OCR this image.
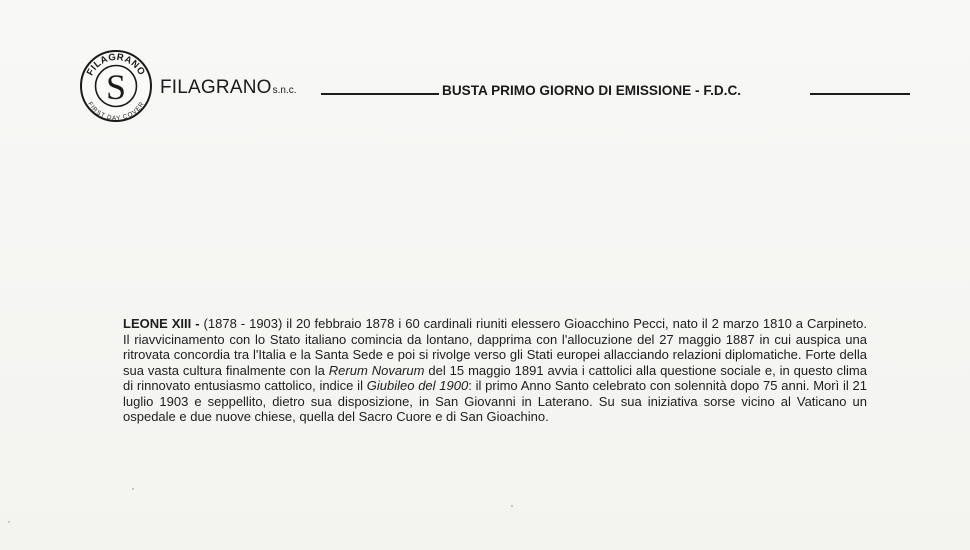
FILAGRANO
FIRST DAY COVER
S FILAGRANO s.n.c.	BUSTA PRIMO GIORNO DI EMISSIONE - F.D.C.

LEONE XIII - (1878 - 1903) il 20 febbraio 1878 i 60 cardinali riuniti elessero Gioacchino Pecci, nato il 2 marzo 1810 a Carpineto. Il riavvicinamento con lo Stato italiano comincia da lontano, dapprima con l'allocuzione del 27 maggio 1887 in cui auspica una ritrovata concordia tra l'Italia e la Santa Sede e poi si rivolge verso gli Stati europei allacciando relazioni diplomatiche. Forte della sua vasta cultura finalmente con la Rerum Novarum del 15 maggio 1891 avvia i cattolici alla questione sociale e, in questo clima di rinnovato entusiasmo cattolico, indice il Giubileo del 1900: il primo Anno Santo celebrato con solennità dopo 75 anni. Morì il 21 luglio 1903 e seppellito, dietro sua disposizione, in San Giovanni in Laterano. Su sua iniziativa sorse vicino al Vaticano un ospedale e due nuove chiese, quella del Sacro Cuore e di San Gioachino.
